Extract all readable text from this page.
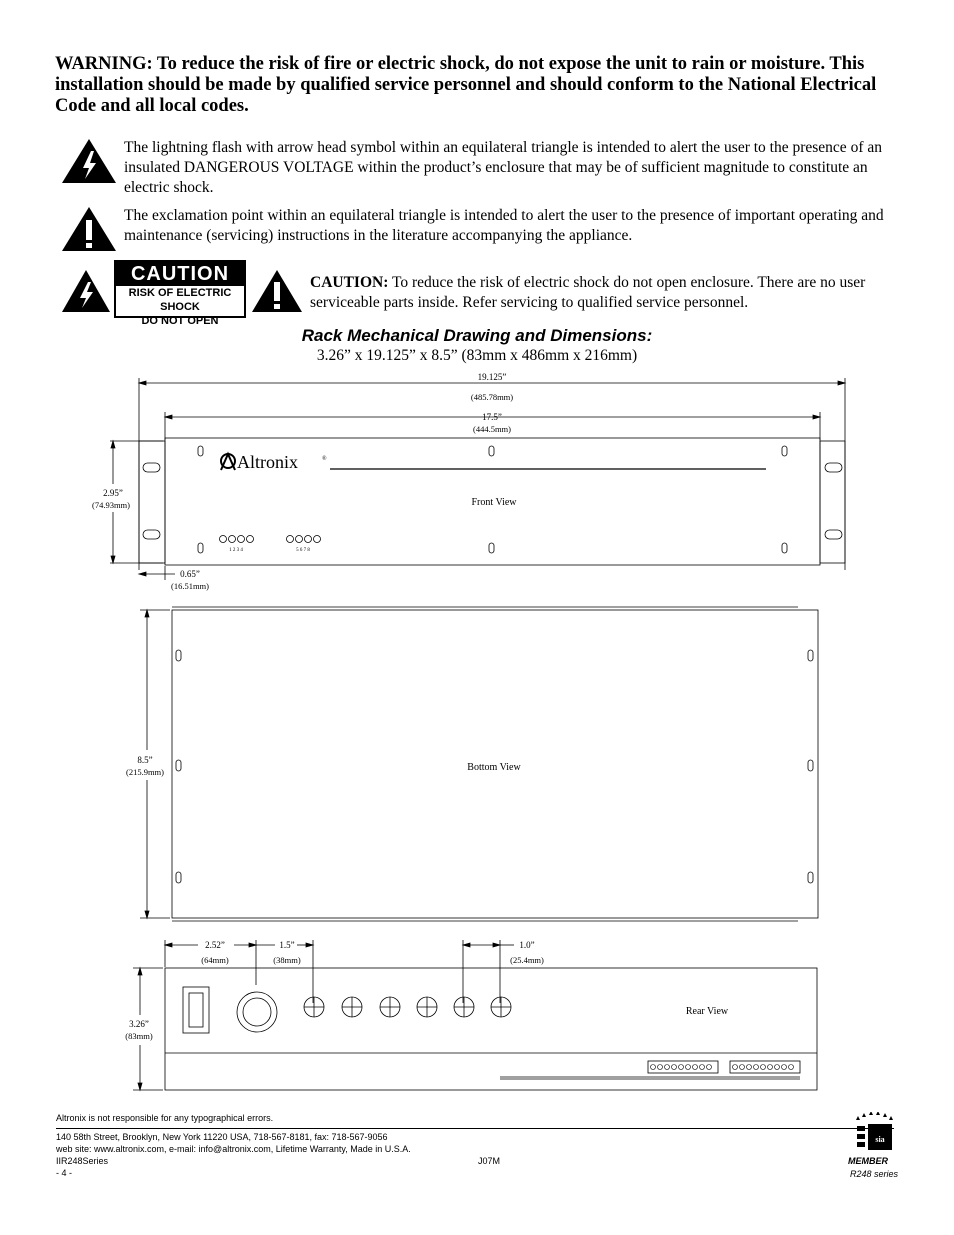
WARNING: To reduce the risk of fire or electric shock, do not expose the unit to rain or moisture. This installation should be made by qualified service personnel and should conform to the National Electrical Code and all local codes.
The lightning flash with arrow head symbol within an equilateral triangle is intended to alert the user to the presence of an insulated DANGEROUS VOLTAGE within the product’s enclosure that may be of sufficient magnitude to constitute an electric shock.
The exclamation point within an equilateral triangle is intended to alert the user to the presence of important operating and maintenance (servicing) instructions in the literature accompanying the appliance.
CAUTION
RISK OF ELECTRIC SHOCK
DO NOT OPEN
CAUTION: To reduce the risk of electric shock do not open enclosure. There are no user serviceable parts inside. Refer servicing to qualified service personnel.
Rack Mechanical Drawing and Dimensions:
3.26” x 19.125” x 8.5” (83mm x 486mm x 216mm)
Altronix	®
19.125”
(485.78mm)
17.5”
(444.5mm)
2.95”
(74.93mm)	Front View
0.65”
(16.51mm)
1 2 3 4	5 6 7 8
8.5”
(215.9mm)	Bottom View
2.52”
(64mm)
1.5”
(38mm)
1.0”
(25.4mm)
3.26”
(83mm)
Rear View
Altronix is not responsible for any typographical errors.
140 58th Street, Brooklyn, New York 11220 USA, 718-567-8181, fax: 718-567-9056
web site: www.altronix.com, e-mail: info@altronix.com, Lifetime Warranty, Made in U.S.A.
IIR248Series
- 4 -
J07M
sia
MEMBER
R248 series
